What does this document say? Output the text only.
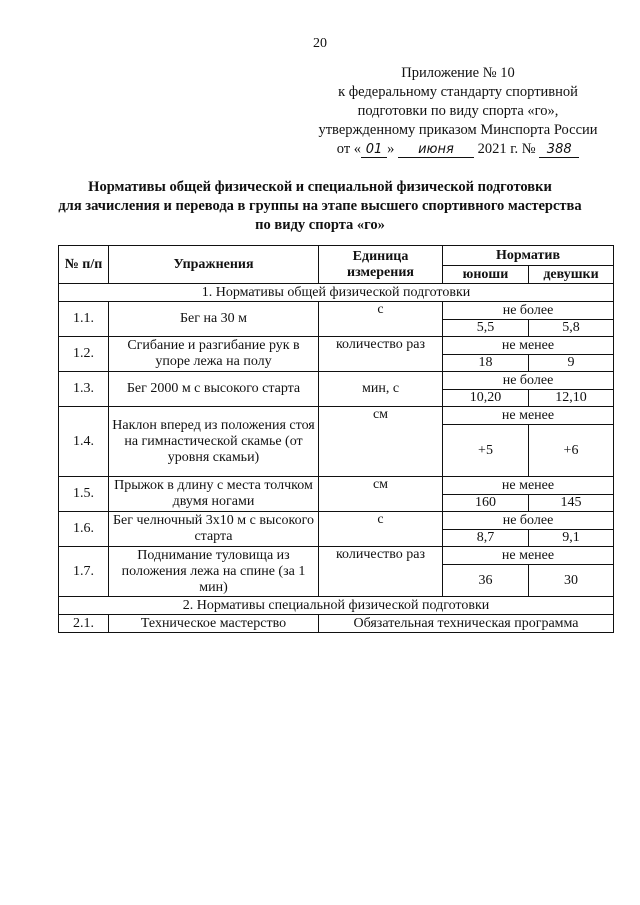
20
Приложение № 10
к федеральному стандарту спортивной
подготовки по виду спорта «го»,
утвержденному приказом Минспорта России
от « 01 » июня 2021 г. № 388
Нормативы общей физической и специальной физической подготовки
для зачисления и перевода в группы на этапе высшего спортивного мастерства
по виду спорта «го»
№ п/п	Упражнения	Единица измерения	Норматив	
			юноши	девушки
1. Нормативы общей физической подготовки				
1.1.	Бег на 30 м	с	не более	
			5,5	5,8
1.2.	Сгибание и разгибание рук в упоре лежа на полу	количество раз	не менее	
			18	9
1.3.	Бег 2000 м с высокого старта	мин, с	не более	
			10,20	12,10
1.4.	Наклон вперед из положения стоя на гимнастической скамье (от уровня скамьи)	см	не менее	
			+5	+6
1.5.	Прыжок в длину с места толчком двумя ногами	см	не менее	
			160	145
1.6.	Бег челночный 3х10 м с высокого старта	с	не более	
			8,7	9,1
1.7.	Поднимание туловища из положения лежа на спине (за 1 мин)	количество раз	не менее	
			36	30
2. Нормативы специальной физической подготовки				
2.1.	Техническое мастерство	Обязательная техническая программа		
